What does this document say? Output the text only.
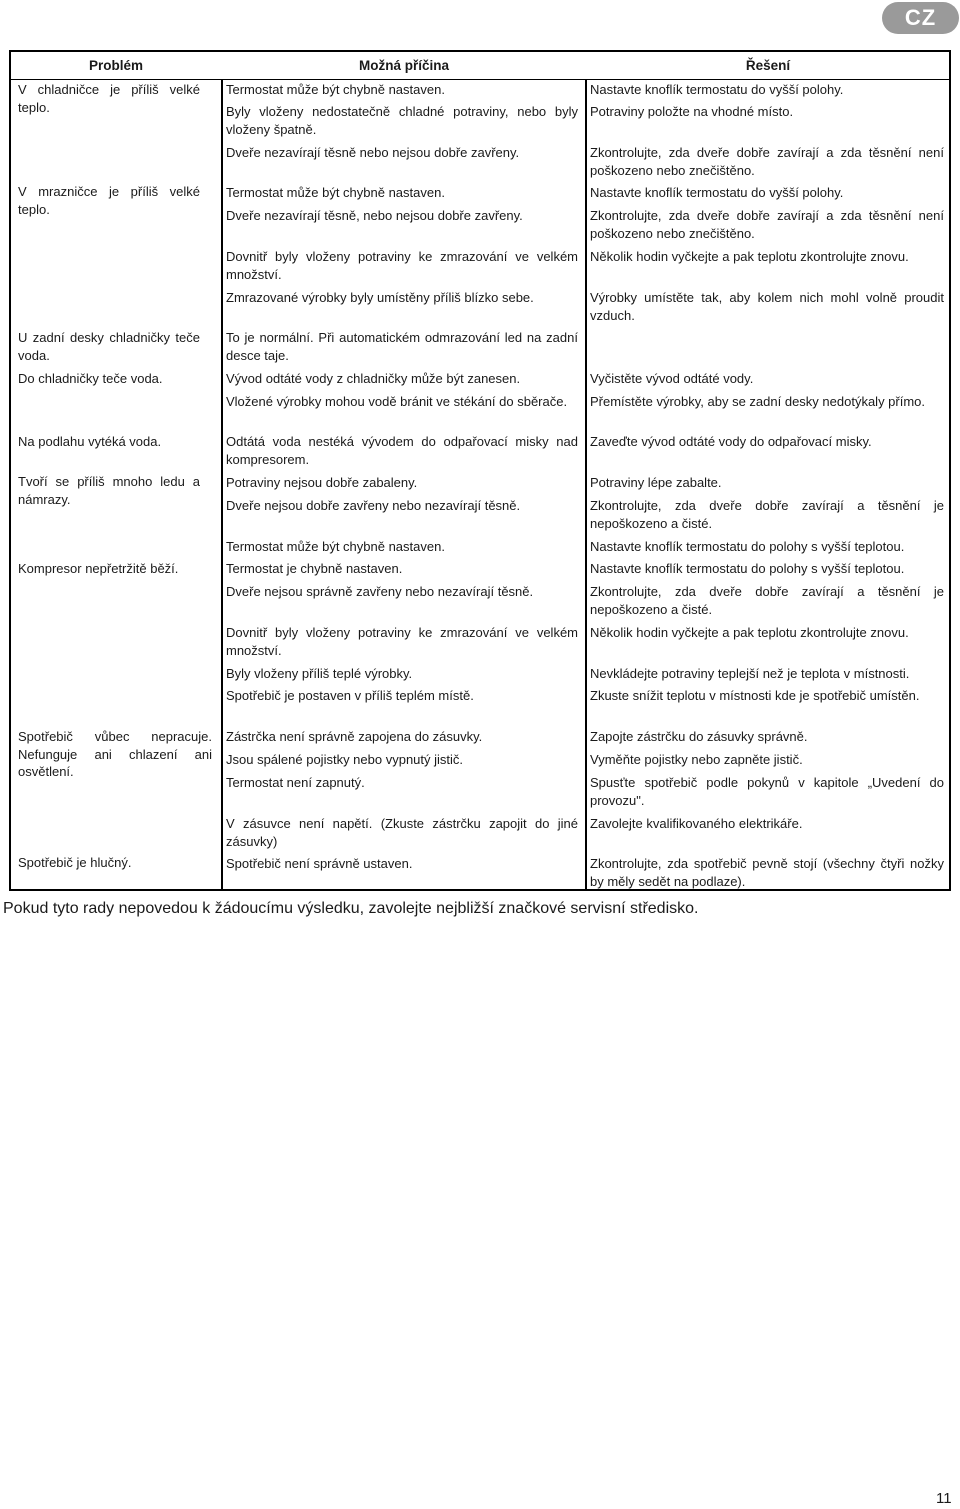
CZ
Problém	Možná příčina	Řešení
V chladničce je příliš velké teplo.
V mrazničce je příliš velké teplo.
U zadní desky chladničky teče voda.
Do chladničky teče voda.
Na podlahu vytéká voda.
Tvoří se příliš mnoho ledu a námrazy.
Kompresor nepřetržitě běží.
Spotřebič vůbec nepracuje. Nefunguje ani chlazení ani osvětlení.
Spotřebič je hlučný.
Termostat může být chybně nastaven.
Byly vloženy nedostatečně chladné potraviny, nebo byly vloženy špatně.
Dveře nezavírají těsně nebo nejsou dobře zavřeny.
Termostat může být chybně nastaven.
Dveře nezavírají těsně, nebo nejsou dobře zavřeny.
Dovnitř byly vloženy potraviny ke zmrazování ve velkém množství.
Zmrazované výrobky byly umístěny příliš blízko sebe.
To je normální. Při automatickém odmrazování led na zadní desce taje.
Vývod odtáté vody z chladničky může být zanesen.
Vložené výrobky mohou vodě bránit ve stékání do sběrače.
Odtátá voda nestéká vývodem do odpařovací misky nad kompresorem.
Potraviny nejsou dobře zabaleny.
Dveře nejsou dobře zavřeny nebo nezavírají těsně.
Termostat může být chybně nastaven.
Termostat je chybně nastaven.
Dveře nejsou správně zavřeny nebo nezavírají těsně.
Dovnitř byly vloženy potraviny ke zmrazování ve velkém množství.
Byly vloženy příliš teplé výrobky.
Spotřebič je postaven v příliš teplém místě.
Zástrčka není správně zapojena do zásuvky.
Jsou spálené pojistky nebo vypnutý jistič.
Termostat není zapnutý.
V zásuvce není napětí. (Zkuste zástrčku zapojit do jiné zásuvky)
Spotřebič není správně ustaven.
Nastavte knoflík termostatu do vyšší polohy.
Potraviny položte na vhodné místo.
Zkontrolujte, zda dveře dobře zavírají a zda těsnění není poškozeno nebo znečištěno.
Nastavte knoflík termostatu do vyšší polohy.
Zkontrolujte, zda dveře dobře zavírají a zda těsnění není poškozeno nebo znečištěno.
Několik hodin vyčkejte a pak teplotu zkontrolujte znovu.
Výrobky umístěte tak, aby kolem nich mohl volně proudit vzduch.
Vyčistěte vývod odtáté vody.
Přemístěte výrobky, aby se zadní desky nedotýkaly přímo.
Zaveďte vývod odtáté vody do odpařovací misky.
Potraviny lépe zabalte.
Zkontrolujte, zda dveře dobře zavírají a těsnění je nepoškozeno a čisté.
Nastavte knoflík termostatu do polohy s vyšší teplotou.
Nastavte knoflík termostatu do polohy s vyšší teplotou.
Zkontrolujte, zda dveře dobře zavírají a těsnění je nepoškozeno a čisté.
Několik hodin vyčkejte a pak teplotu zkontrolujte znovu.
Nevkládejte potraviny teplejší než je teplota v místnosti.
Zkuste snížit teplotu v místnosti kde je spotřebič umístěn.
Zapojte zástrčku do zásuvky správně.
Vyměňte pojistky nebo zapněte jistič.
Spusťte spotřebič podle pokynů v kapitole „Uvedení do provozu".
Zavolejte kvalifikovaného elektrikáře.
Zkontrolujte, zda spotřebič pevně stojí (všechny čtyři nožky by měly sedět na podlaze).
Pokud tyto rady nepovedou k žádoucímu výsledku, zavolejte nejbližší značkové servisní středisko.
11
